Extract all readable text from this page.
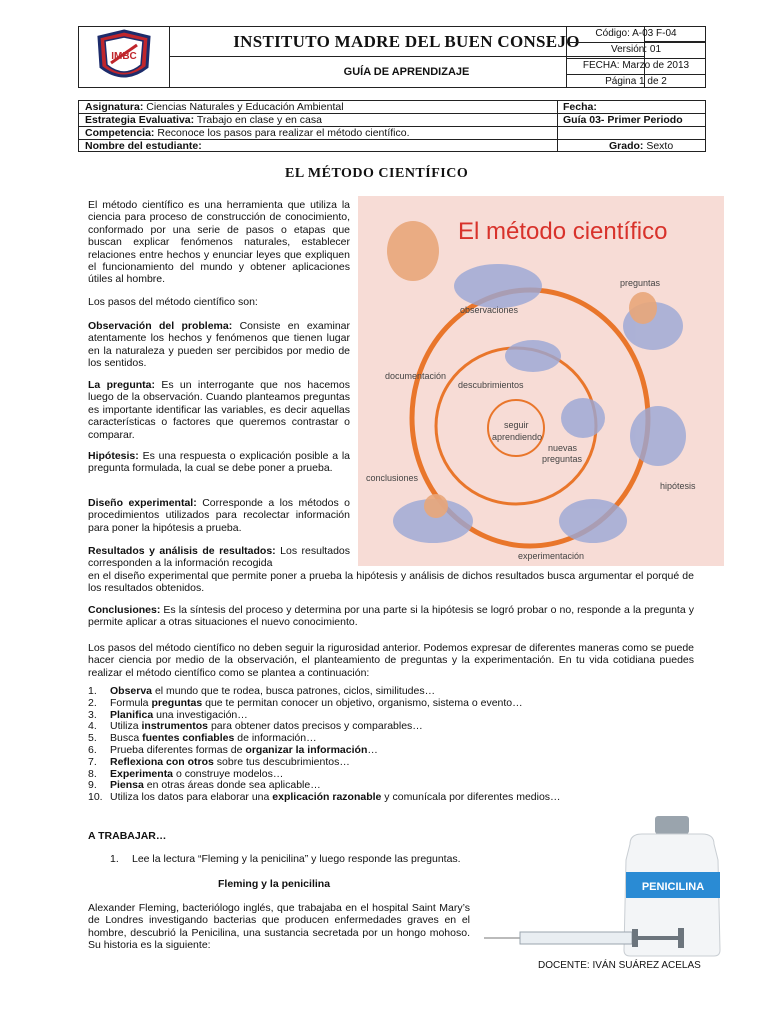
IMBC
INSTITUTO MADRE DEL BUEN CONSEJO
GUÍA DE APRENDIZAJE
Código: A-03 F-04
Versión: 01
FECHA: Marzo de 2013
Página 1 de 2
Asignatura: Ciencias Naturales y Educación Ambiental	Fecha:
Estrategia Evaluativa: Trabajo en clase y en casa	Guía 03- Primer Periodo
Competencia: Reconoce los pasos para realizar el método científico.
Nombre del estudiante:	Grado: Sexto
EL MÉTODO CIENTÍFICO
El método científico es una herramienta que utiliza la ciencia para proceso de construcción de conocimiento, conformado por una serie de pasos o etapas que buscan explicar fenómenos naturales, establecer relaciones entre hechos y enunciar leyes que expliquen el funcionamiento del mundo y obtener aplicaciones útiles al hombre.
Los pasos del método científico son:
Observación del problema: Consiste en examinar atentamente los hechos y fenómenos que tienen lugar en la naturaleza y pueden ser percibidos por medio de los sentidos.
La pregunta: Es un interrogante que nos hacemos luego de la observación. Cuando planteamos preguntas es importante identificar las variables, es decir aquellas características o factores que queremos contrastar o comparar.
Hipótesis: Es una respuesta o explicación posible a la pregunta formulada, la cual se debe poner a prueba.
Diseño experimental: Corresponde a los métodos o procedimientos utilizados para recolectar información para poner la hipótesis a prueba.
Resultados y análisis de resultados: Los resultados corresponden a la información recogida
en el diseño experimental que permite poner a prueba la hipótesis y análisis de dichos resultados busca argumentar el porqué de los resultados obtenidos.
Conclusiones: Es la síntesis del proceso y determina por una parte si la hipótesis se logró probar o no, responde a la pregunta y permite aplicar a otras situaciones el nuevo conocimiento.
Los pasos del método científico no deben seguir la rigurosidad anterior. Podemos expresar de diferentes maneras como se puede hacer ciencia por medio de la observación, el planteamiento de preguntas y la experimentación. En tu vida cotidiana puedes realizar el método científico como se plantea a continuación:
1. Observa el mundo que te rodea, busca patrones, ciclos, similitudes…
2. Formula preguntas que te permitan conocer un objetivo, organismo, sistema o evento…
3. Planifica una investigación…
4. Utiliza instrumentos para obtener datos precisos y comparables…
5. Busca fuentes confiables de información…
6. Prueba diferentes formas de organizar la información…
7. Reflexiona con otros sobre tus descubrimientos…
8. Experimenta o construye modelos…
9. Piensa en otras áreas donde sea aplicable…
10. Utiliza los datos para elaborar una explicación razonable y comunícala por diferentes medios…
A TRABAJAR…
1. Lee la lectura “Fleming y la penicilina” y luego responde las preguntas.
Fleming y la penicilina
Alexander Fleming, bacteriólogo inglés, que trabajaba en el hospital Saint Mary’s de Londres investigando bacterias que producen enfermedades graves en el hombre, descubrió la Penicilina, una sustancia secretada por un hongo mohoso. Su historia es la siguiente:
El método científico
observaciones
preguntas
documentación
descubrimientos
seguir
aprendiendo
nuevas
preguntas
hipótesis
conclusiones
experimentación
PENICILINA
DOCENTE: IVÁN SUÁREZ ACELAS
